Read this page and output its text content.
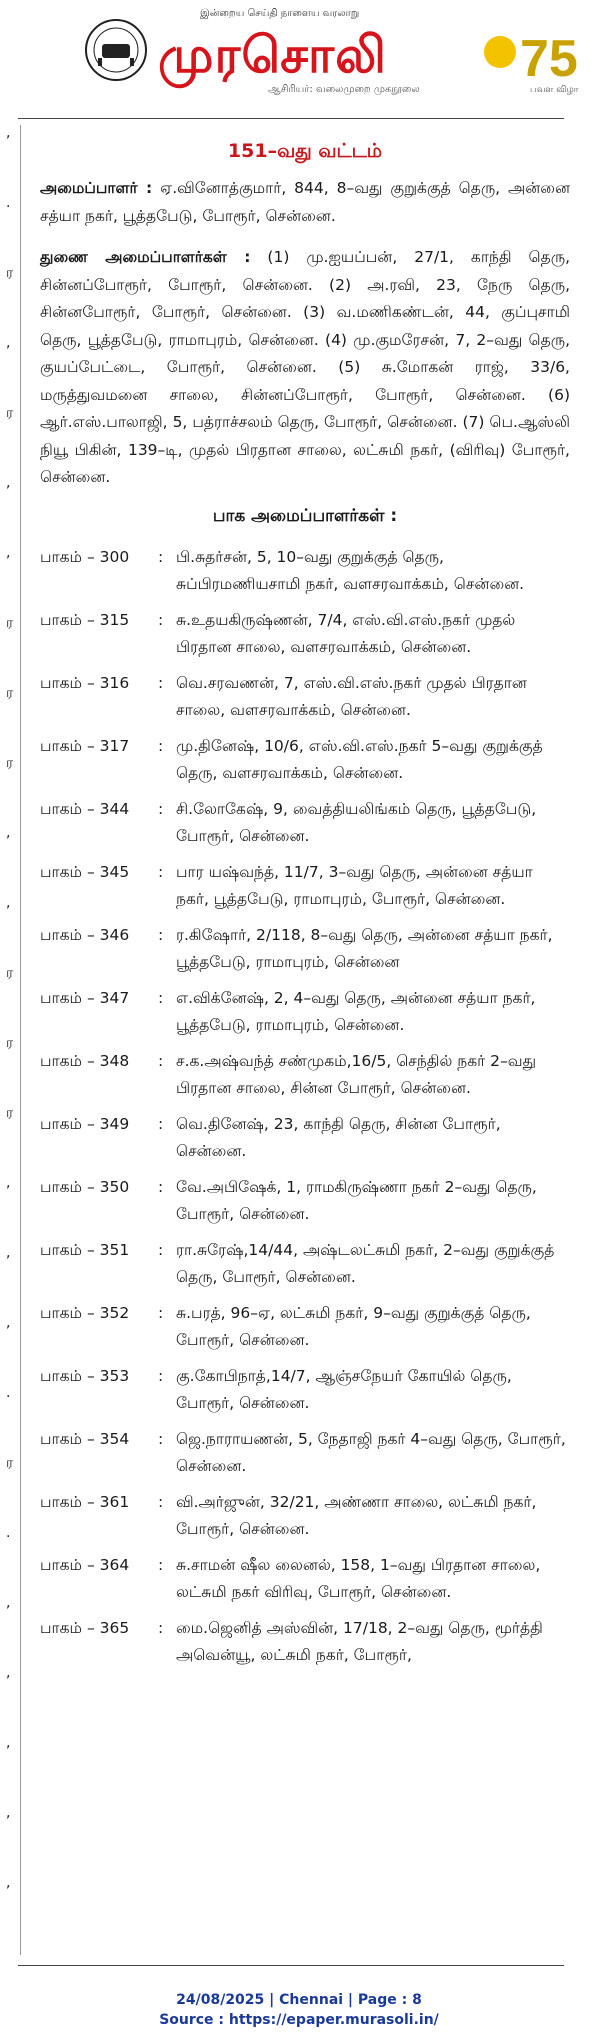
இன்றைய செய்தி நாளைய வரலாறு
முரசொலி
ஆசிரியர்: வலைமுறை முகநூலை
75
பவள விழா
,
.
ர
,
ர
,
,
ர
ர
ர
,
,
ர
ர
ர
,
,
,
.
ர
.
,
,
,
,
,
151–வது வட்டம்

அமைப்பாளர் : ஏ.வினோத்குமார், 844, 8–வது குறுக்குத் தெரு, அன்னை சத்யா நகர், பூத்தபேடு, போரூர், சென்னை.

துணை அமைப்பாளர்கள் : (1) மு.ஐயப்பன், 27/1, காந்தி தெரு, சின்னப்போரூர், போரூர், சென்னை. (2) அ.ரவி, 23, நேரு தெரு, சின்னபோரூர், போரூர், சென்னை. (3) வ.மணிகண்டன், 44, குப்புசாமி தெரு, பூத்தபேடு, ராமாபுரம், சென்னை. (4) மு.குமரேசன், 7, 2–வது தெரு, குயப்பேட்டை, போரூர், சென்னை. (5) சு.மோகன் ராஜ், 33/6, மருத்துவமனை சாலை, சின்னப்போரூர், போரூர், சென்னை. (6) ஆர்.எஸ்.பாலாஜி, 5, பத்ராச்சலம் தெரு, போரூர், சென்னை. (7) பெ.ஆஸ்லி நியூ பிகின், 139–டி, முதல் பிரதான சாலை, லட்சுமி நகர், (விரிவு) போரூர், சென்னை.

பாக அமைப்பாளர்கள் :
பாகம் – 300	: பி.சுதர்சன், 5, 10–வது குறுக்குத் தெரு, சுப்பிரமணியசாமி நகர், வளசரவாக்கம், சென்னை.
பாகம் – 315	: சு.உதயகிருஷ்ணன், 7/4, எஸ்.வி.எஸ்.நகர் முதல் பிரதான சாலை, வளசரவாக்கம், சென்னை.
பாகம் – 316	: வெ.சரவணன், 7, எஸ்.வி.எஸ்.நகர் முதல் பிரதான சாலை, வளசரவாக்கம், சென்னை.
பாகம் – 317	: மு.தினேஷ், 10/6, எஸ்.வி.எஸ்.நகர் 5–வது குறுக்குத் தெரு, வளசரவாக்கம், சென்னை.
பாகம் – 344	: சி.லோகேஷ், 9, வைத்தியலிங்கம் தெரு, பூத்தபேடு, போரூர், சென்னை.
பாகம் – 345	: பார யஷ்வந்த், 11/7, 3–வது தெரு, அன்னை சத்யா நகர், பூத்தபேடு, ராமாபுரம், போரூர், சென்னை.
பாகம் – 346	: ர.கிஷோர், 2/118, 8–வது தெரு, அன்னை சத்யா நகர், பூத்தபேடு, ராமாபுரம், சென்னை
பாகம் – 347	: எ.விக்னேஷ், 2, 4–வது தெரு, அன்னை சத்யா நகர், பூத்தபேடு, ராமாபுரம், சென்னை.
பாகம் – 348	: ச.க.அஷ்வந்த் சண்முகம்,16/5, செந்தில் நகர் 2–வது பிரதான சாலை, சின்ன போரூர், சென்னை.
பாகம் – 349	: வெ.தினேஷ், 23, காந்தி தெரு, சின்ன போரூர், சென்னை.
பாகம் – 350	: வே.அபிஷேக், 1, ராமகிருஷ்ணா நகர் 2–வது தெரு, போரூர், சென்னை.
பாகம் – 351	: ரா.சுரேஷ்,14/44, அஷ்டலட்சுமி நகர், 2–வது குறுக்குத் தெரு, போரூர், சென்னை.
பாகம் – 352	: சு.பரத், 96–ஏ, லட்சுமி நகர், 9–வது குறுக்குத் தெரு, போரூர், சென்னை.
பாகம் – 353	: கு.கோபிநாத்,14/7, ஆஞ்சநேயர் கோயில் தெரு, போரூர், சென்னை.
பாகம் – 354	: ஜெ.நாராயணன், 5, நேதாஜி நகர் 4–வது தெரு, போரூர், சென்னை.
பாகம் – 361	: வி.அர்ஜுன், 32/21, அண்ணா சாலை, லட்சுமி நகர், போரூர், சென்னை.
பாகம் – 364	: சு.சாமன் ஷீல லைனல், 158, 1–வது பிரதான சாலை, லட்சுமி நகர் விரிவு, போரூர், சென்னை.
பாகம் – 365	: மை.ஜெனித் அஸ்வின், 17/18, 2–வது தெரு, மூர்த்தி அவென்யூ, லட்சுமி நகர், போரூர்,
24/08/2025 | Chennai | Page : 8
Source : https://epaper.murasoli.in/
